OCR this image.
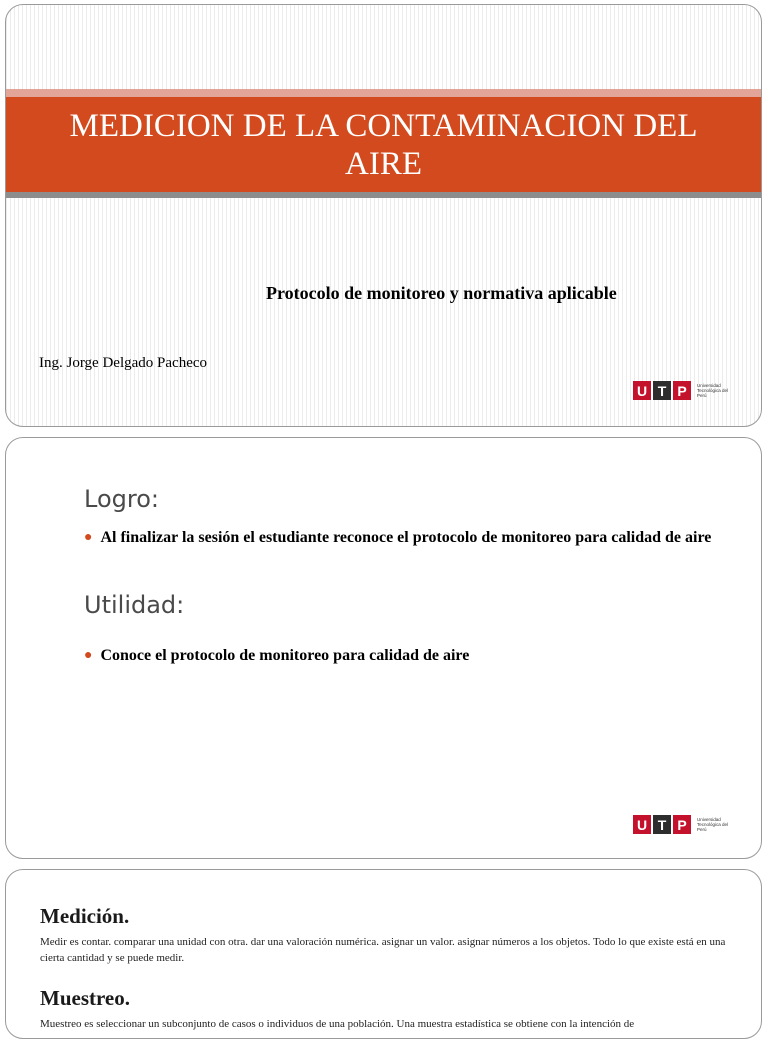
MEDICION DE LA CONTAMINACION DEL AIRE
Protocolo de monitoreo y normativa aplicable
Ing. Jorge Delgado Pacheco
U T P	Universidad Tecnológica del Perú
Logro:
● Al finalizar la sesión el estudiante reconoce el protocolo de monitoreo para calidad de aire
Utilidad:
● Conoce el protocolo de monitoreo para calidad de aire
U T P	Universidad Tecnológica del Perú
Medición.
Medir es contar. comparar una unidad con otra. dar una valoración numérica. asignar un valor. asignar números a los objetos. Todo lo que existe está en una cierta cantidad y se puede medir.
Muestreo.
Muestreo es seleccionar un subconjunto de casos o individuos de una población. Una muestra estadística se obtiene con la intención de
